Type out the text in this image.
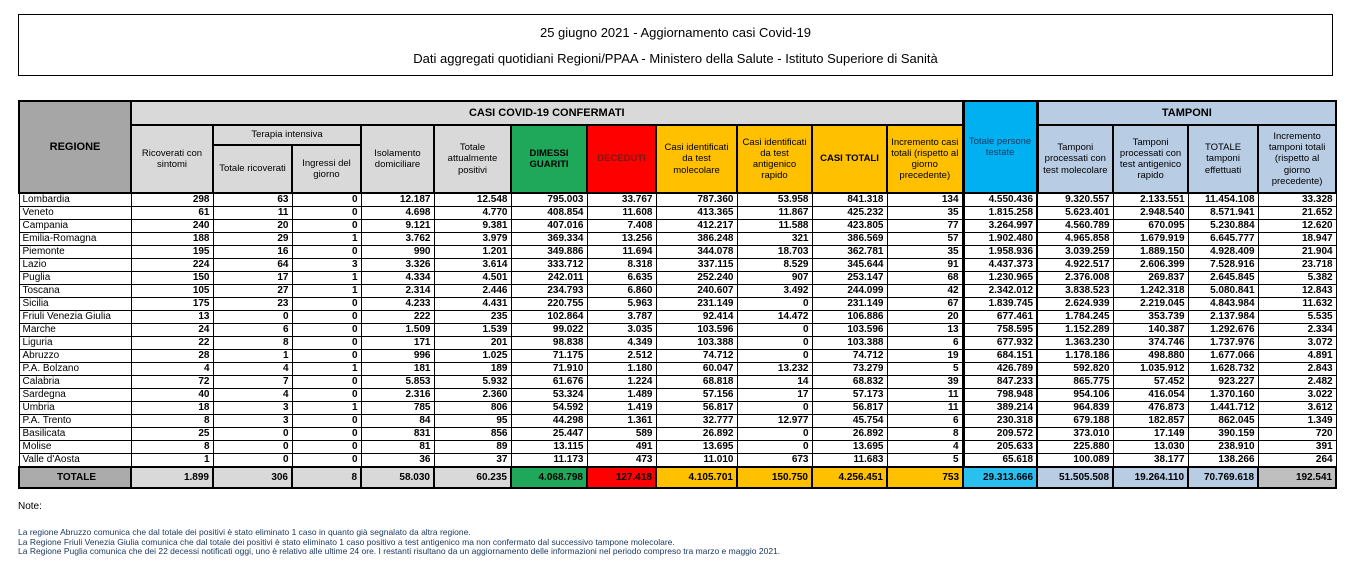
25 giugno 2021 - Aggiornamento casi Covid-19
Dati aggregati quotidiani Regioni/PPAA - Ministero della Salute - Istituto Superiore di Sanità
REGIONE	CASI COVID-19 CONFERMATI											Totale persone testate	TAMPONI			
	Ricoverati con sintomi	Terapia intensiva		Isolamento domiciliare	Totale attualmente positivi	DIMESSI GUARITI	DECEDUTI	Casi identificati da test molecolare	Casi identificati da test antigenico rapido	CASI TOTALI	Incremento casi totali (rispetto al giorno precedente)		Tamponi processati con test molecolare	Tamponi processati con test antigenico rapido	TOTALE tamponi effettuati	Incremento tamponi totali (rispetto al giorno precedente)
		Totale ricoverati	Ingressi del giorno													
Lombardia	298	63	0	12.187	12.548	795.003	33.767	787.360	53.958	841.318	134	4.550.436	9.320.557	2.133.551	11.454.108	33.328
Veneto	61	11	0	4.698	4.770	408.854	11.608	413.365	11.867	425.232	35	1.815.258	5.623.401	2.948.540	8.571.941	21.652
Campania	240	20	0	9.121	9.381	407.016	7.408	412.217	11.588	423.805	77	3.264.997	4.560.789	670.095	5.230.884	12.620
Emilia-Romagna	188	29	1	3.762	3.979	369.334	13.256	386.248	321	386.569	57	1.902.480	4.965.858	1.679.919	6.645.777	18.947
Piemonte	195	16	0	990	1.201	349.886	11.694	344.078	18.703	362.781	35	1.958.936	3.039.259	1.889.150	4.928.409	21.904
Lazio	224	64	3	3.326	3.614	333.712	8.318	337.115	8.529	345.644	91	4.437.373	4.922.517	2.606.399	7.528.916	23.718
Puglia	150	17	1	4.334	4.501	242.011	6.635	252.240	907	253.147	68	1.230.965	2.376.008	269.837	2.645.845	5.382
Toscana	105	27	1	2.314	2.446	234.793	6.860	240.607	3.492	244.099	42	2.342.012	3.838.523	1.242.318	5.080.841	12.843
Sicilia	175	23	0	4.233	4.431	220.755	5.963	231.149	0	231.149	67	1.839.745	2.624.939	2.219.045	4.843.984	11.632
Friuli Venezia Giulia	13	0	0	222	235	102.864	3.787	92.414	14.472	106.886	20	677.461	1.784.245	353.739	2.137.984	5.535
Marche	24	6	0	1.509	1.539	99.022	3.035	103.596	0	103.596	13	758.595	1.152.289	140.387	1.292.676	2.334
Liguria	22	8	0	171	201	98.838	4.349	103.388	0	103.388	6	677.932	1.363.230	374.746	1.737.976	3.072
Abruzzo	28	1	0	996	1.025	71.175	2.512	74.712	0	74.712	19	684.151	1.178.186	498.880	1.677.066	4.891
P.A. Bolzano	4	4	1	181	189	71.910	1.180	60.047	13.232	73.279	5	426.789	592.820	1.035.912	1.628.732	2.843
Calabria	72	7	0	5.853	5.932	61.676	1.224	68.818	14	68.832	39	847.233	865.775	57.452	923.227	2.482
Sardegna	40	4	0	2.316	2.360	53.324	1.489	57.156	17	57.173	11	798.948	954.106	416.054	1.370.160	3.022
Umbria	18	3	1	785	806	54.592	1.419	56.817	0	56.817	11	389.214	964.839	476.873	1.441.712	3.612
P.A. Trento	8	3	0	84	95	44.298	1.361	32.777	12.977	45.754	6	230.318	679.188	182.857	862.045	1.349
Basilicata	25	0	0	831	856	25.447	589	26.892	0	26.892	8	209.572	373.010	17.149	390.159	720
Molise	8	0	0	81	89	13.115	491	13.695	0	13.695	4	205.633	225.880	13.030	238.910	391
Valle d'Aosta	1	0	0	36	37	11.173	473	11.010	673	11.683	5	65.618	100.089	38.177	138.266	264
TOTALE	1.899	306	8	58.030	60.235	4.068.798	127.418	4.105.701	150.750	4.256.451	753	29.313.666	51.505.508	19.264.110	70.769.618	192.541
Note:
La regione Abruzzo comunica che dal totale dei positivi è stato eliminato 1 caso in quanto già segnalato da altra regione.
La Regione Friuli Venezia Giulia comunica che dal totale dei positivi è stato eliminato 1 caso positivo a test antigenico ma non confermato dal successivo tampone molecolare.
La Regione Puglia comunica che dei 22 decessi notificati oggi, uno è relativo alle ultime 24 ore. I restanti risultano da un aggiornamento delle informazioni nel periodo compreso tra marzo e maggio 2021.
